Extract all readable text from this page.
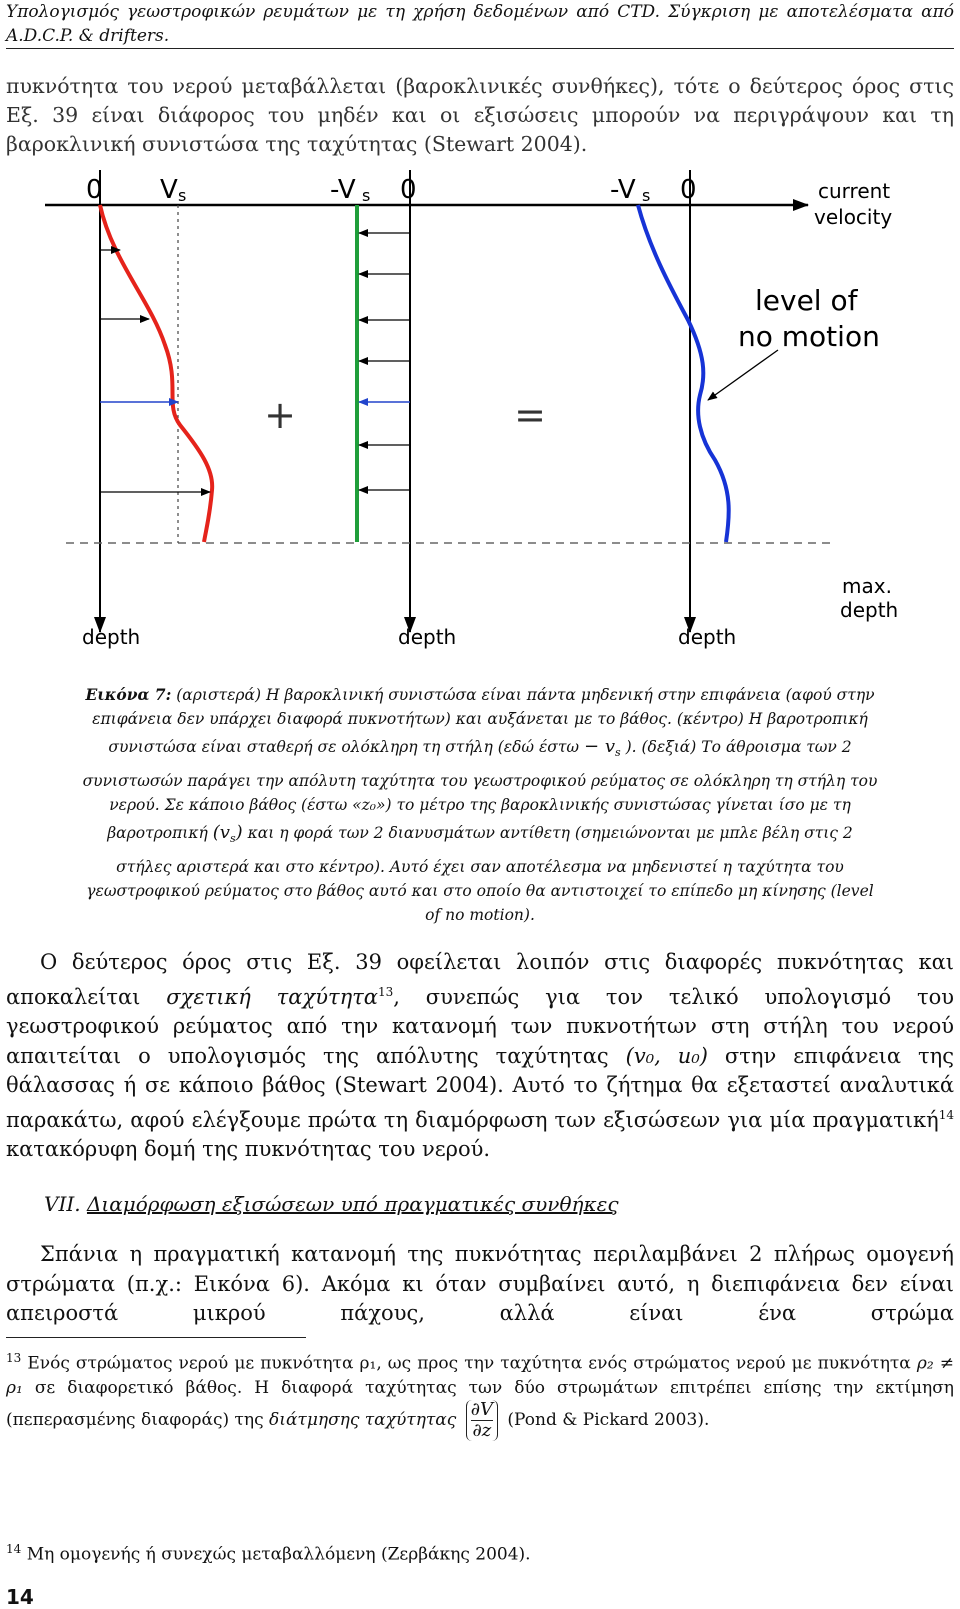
Υπολογισμός γεωστροφικών ρευμάτων με τη χρήση δεδομένων από CTD. Σύγκριση με αποτελέσματα από A.D.C.P. & drifters.
πυκνότητα του νερού μεταβάλλεται (βαροκλινικές συνθήκες), τότε ο δεύτερος όρος στις Εξ. 39 είναι διάφορος του μηδέν και οι εξισώσεις μπορούν να περιγράψουν και τη βαροκλινική συνιστώσα της ταχύτητας (Stewart 2004).
+	=
0 V s	-V s 0	-V s 0	current
velocity
level of
no motion
max.
depth
depth	depth	depth
Εικόνα 7: (αριστερά) Η βαροκλινική συνιστώσα είναι πάντα μηδενική στην επιφάνεια (αφού στην
επιφάνεια δεν υπάρχει διαφορά πυκνοτήτων) και αυξάνεται με το βάθος. (κέντρο) Η βαροτροπική
συνιστώσα είναι σταθερή σε ολόκληρη τη στήλη (εδώ $έ\sigma\tau\omega - v_s$ ). (δεξιά) Το άθροισμα των 2
συνιστωσών παράγει την απόλυτη ταχύτητα του γεωστροφικού ρεύματος σε ολόκληρη τη στήλη του
νερού. Σε κάποιο βάθος (έστω «z₀») το μέτρο της βαροκλινικής συνιστώσας γίνεται ίσο με τη
βαροτροπική $(v_s)$ και η φορά των 2 διανυσμάτων αντίθετη (σημειώνονται με μπλε βέλη στις 2
στήλες αριστερά και στο κέντρο). Αυτό έχει σαν αποτέλεσμα να μηδενιστεί η ταχύτητα του
γεωστροφικού ρεύματος στο βάθος αυτό και στο οποίο θα αντιστοιχεί το επίπεδο μη κίνησης (level
of no motion).
Ο δεύτερος όρος στις Εξ. 39 οφείλεται λοιπόν στις διαφορές πυκνότητας και αποκαλείται σχετική ταχύτητα$^{13}$, συνεπώς για τον τελικό υπολογισμό του γεωστροφικού ρεύματος από την κατανομή των πυκνοτήτων στη στήλη του νερού απαιτείται ο υπολογισμός της απόλυτης ταχύτητας (v₀, u₀) στην επιφάνεια της θάλασσας ή σε κάποιο βάθος (Stewart 2004). Αυτό το ζήτημα θα εξεταστεί αναλυτικά παρακάτω, αφού ελέγξουμε πρώτα τη διαμόρφωση των εξισώσεων για μία πραγματική$^{14}$ κατακόρυφη δομή της πυκνότητας του νερού.
VII. Διαμόρφωση εξισώσεων υπό πραγματικές συνθήκες
Σπάνια η πραγματική κατανομή της πυκνότητας περιλαμβάνει 2 πλήρως ομογενή στρώματα (π.χ.: Εικόνα 6). Ακόμα κι όταν συμβαίνει αυτό, η διεπιφάνεια δεν είναι απειροστά μικρού πάχους, αλλά είναι ένα στρώμα
$^{13}$ Ενός στρώματος νερού με πυκνότητα ρ₁, ως προς την ταχύτητα ενός στρώματος νερού με πυκνότητα ρ₂ ≠ ρ₁ σε διαφορετικό βάθος. Η διαφορά ταχύτητας των δύο στρωμάτων επιτρέπει επίσης την εκτίμηση (πεπερασμένης διαφοράς) της διάτμησης ταχύτητας $\frac{\partial V}{\partial z}$ (Pond & Pickard 2003).
$^{14}$ Μη ομογενής ή συνεχώς μεταβαλλόμενη (Ζερβάκης 2004).
14
